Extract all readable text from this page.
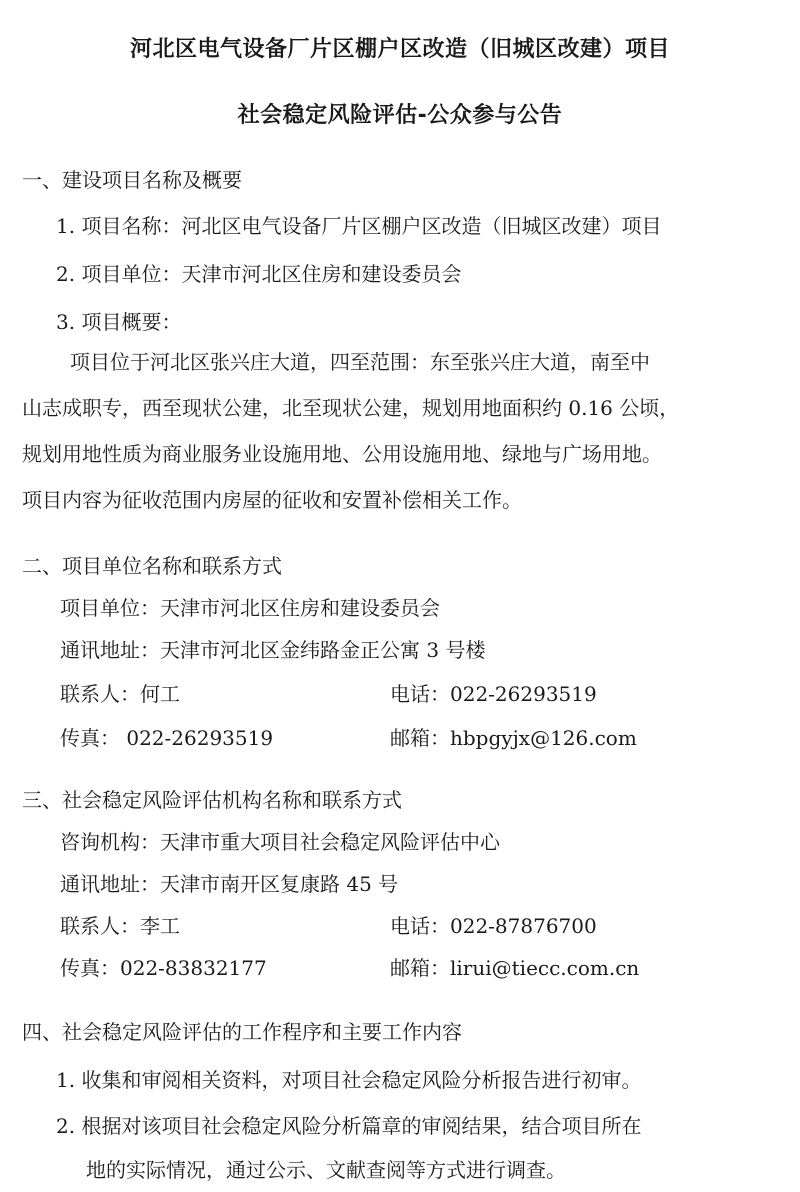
河北区电气设备厂片区棚户区改造（旧城区改建）项目
社会稳定风险评估-公众参与公告
一、建设项目名称及概要
1. 项目名称：河北区电气设备厂片区棚户区改造（旧城区改建）项目
2. 项目单位：天津市河北区住房和建设委员会
3. 项目概要：
项目位于河北区张兴庄大道，四至范围：东至张兴庄大道，南至中
山志成职专，西至现状公建，北至现状公建，规划用地面积约 0.16 公顷，
规划用地性质为商业服务业设施用地、公用设施用地、绿地与广场用地。
项目内容为征收范围内房屋的征收和安置补偿相关工作。
二、项目单位名称和联系方式
项目单位：天津市河北区住房和建设委员会
通讯地址：天津市河北区金纬路金正公寓 3 号楼
联系人：何工	电话：022-26293519
传真： 022-26293519	邮箱：hbpgyjx@126.com
三、社会稳定风险评估机构名称和联系方式
咨询机构：天津市重大项目社会稳定风险评估中心
通讯地址：天津市南开区复康路 45 号
联系人：李工	电话：022-87876700
传真：022-83832177	邮箱：lirui@tiecc.com.cn
四、社会稳定风险评估的工作程序和主要工作内容
1. 收集和审阅相关资料，对项目社会稳定风险分析报告进行初审。
2. 根据对该项目社会稳定风险分析篇章的审阅结果，结合项目所在
地的实际情况，通过公示、文献查阅等方式进行调查。
